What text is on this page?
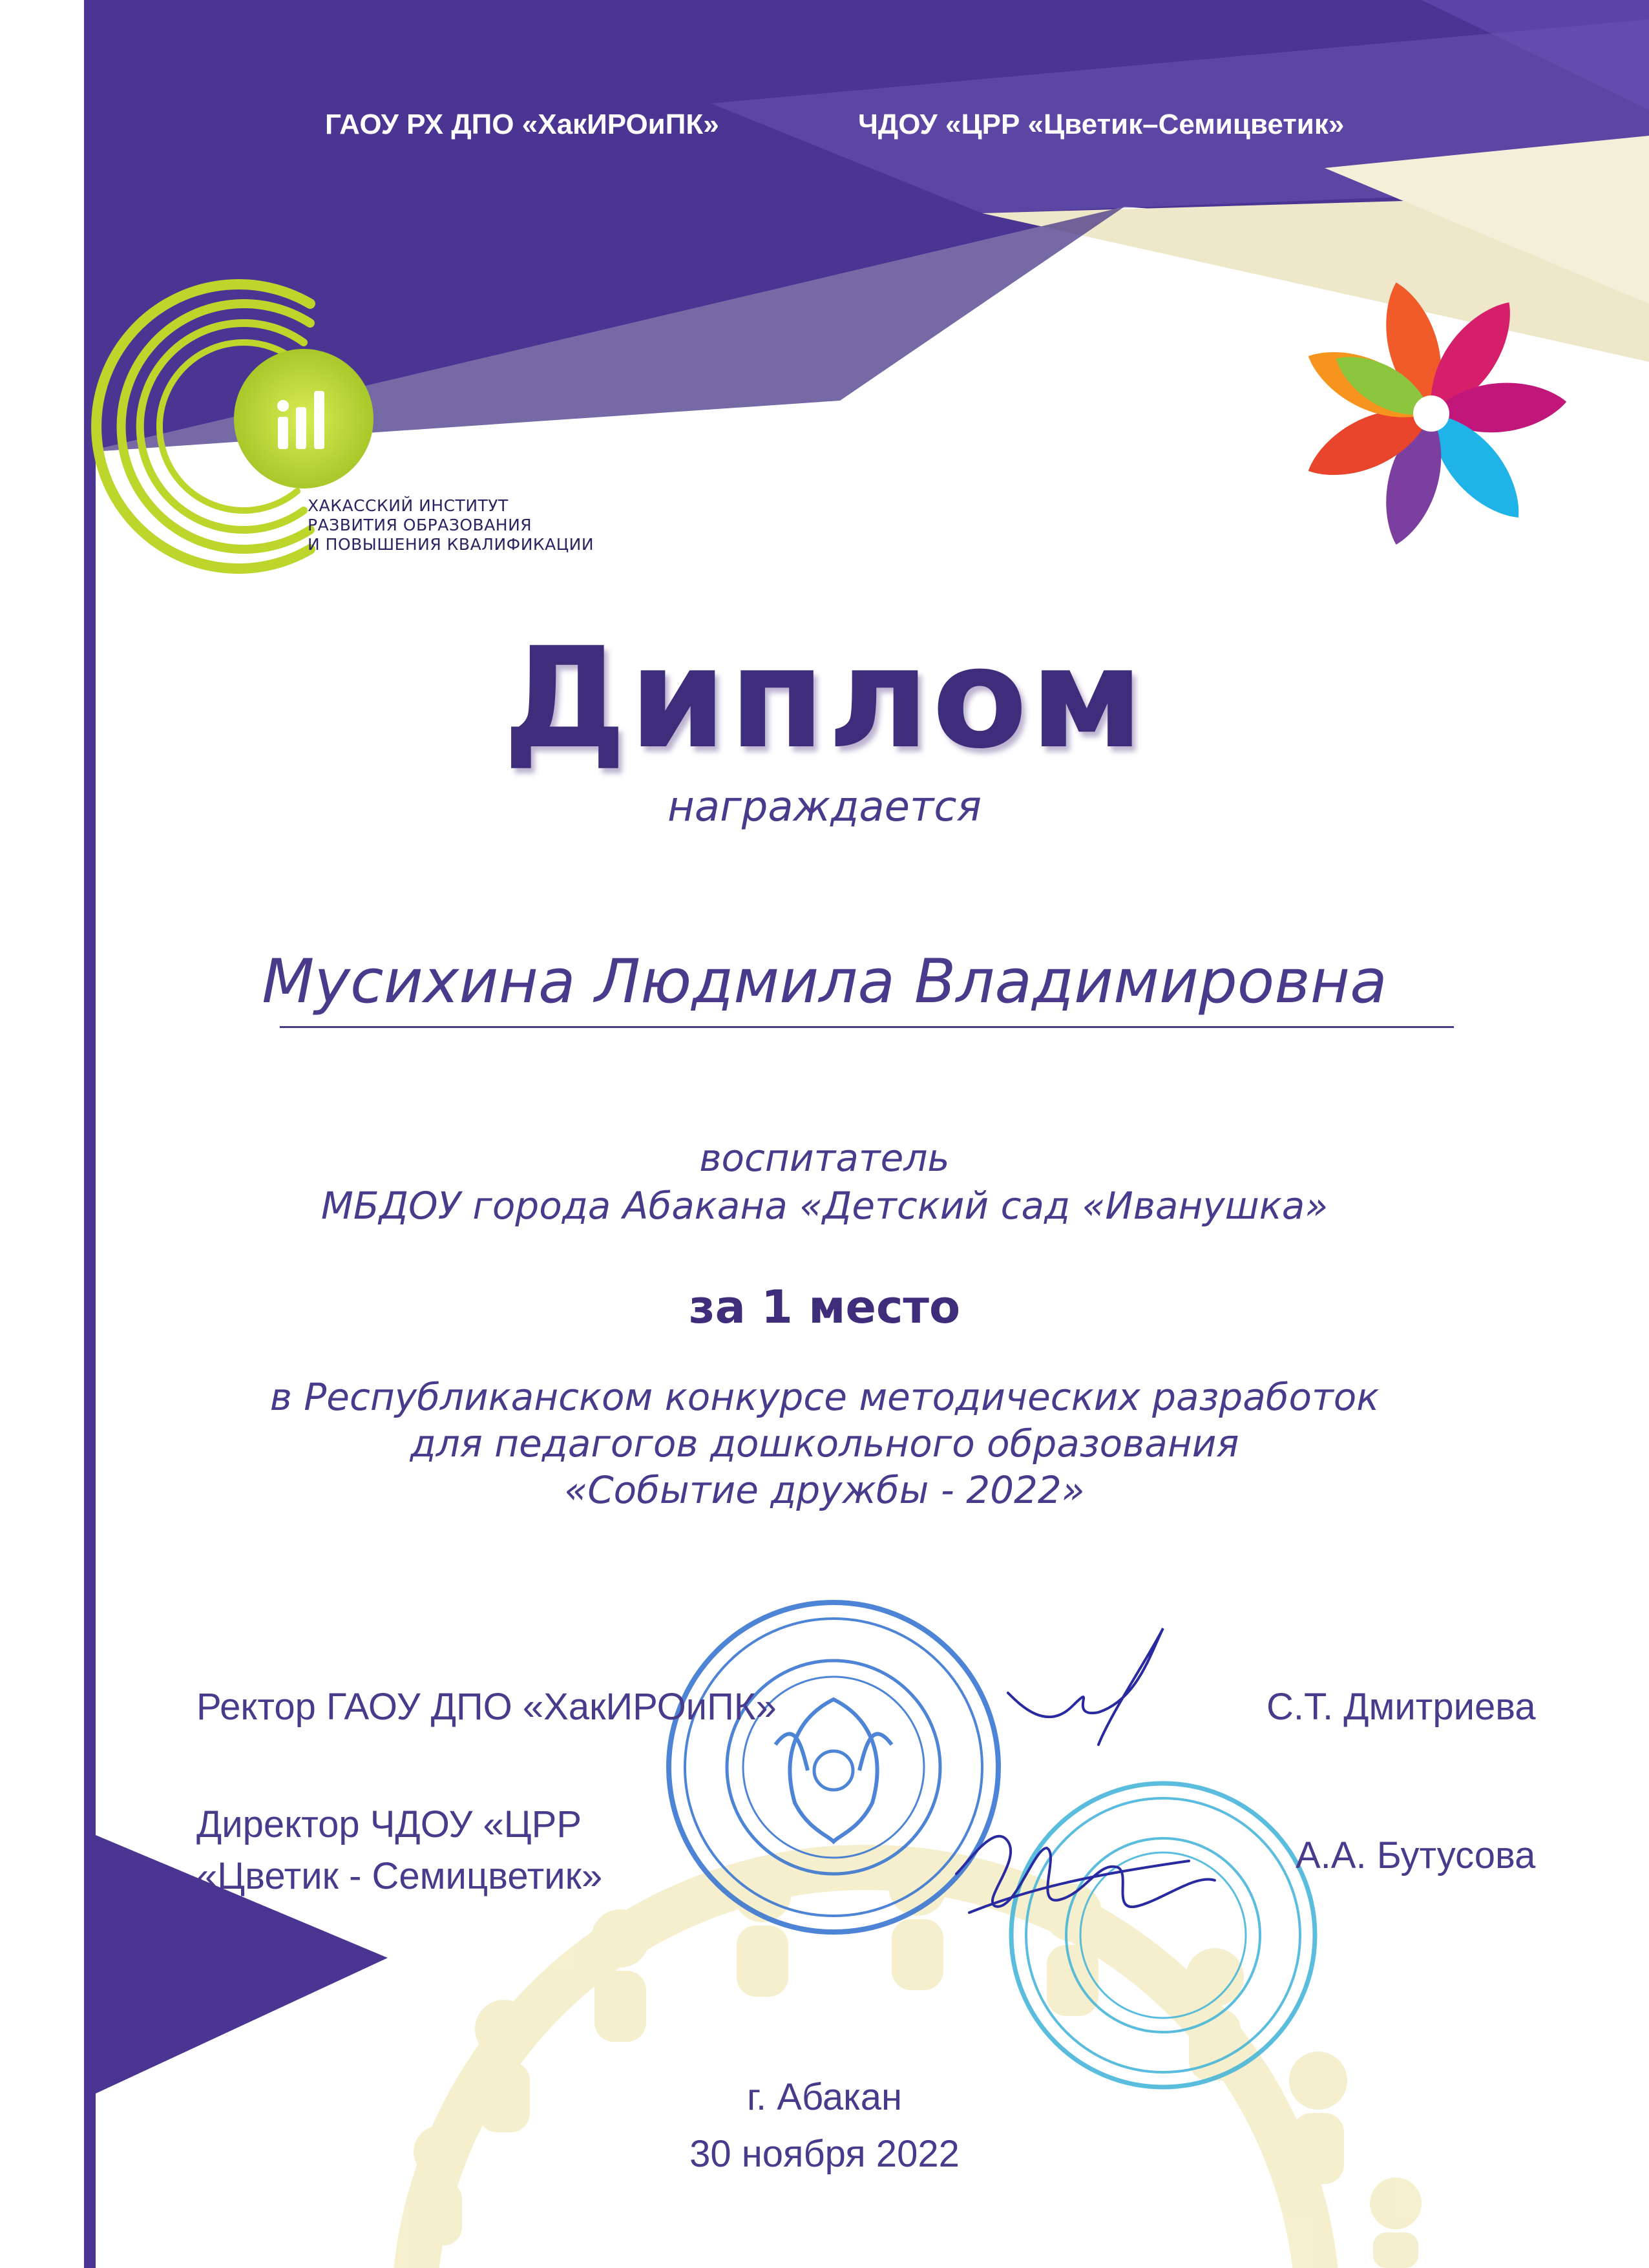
ГАОУ РХ ДПО «ХакИРОиПК»	ЧДОУ «ЦРР «Цветик–Семицветик»
ХАКАССКИЙ ИНСТИТУТ
РАЗВИТИЯ ОБРАЗОВАНИЯ
И ПОВЫШЕНИЯ КВАЛИФИКАЦИИ
Диплом
награждается
Мусихина Людмила Владимировна
воспитатель
МБДОУ города Абакана «Детский сад «Иванушка»
за 1 место
в Республиканском конкурсе методических разработок
для педагогов дошкольного образования
«Событие дружбы - 2022»
Ректор ГАОУ ДПО «ХакИРОиПК»	С.Т. Дмитриева
Директор ЧДОУ «ЦРР
«Цветик - Семицветик»	А.А. Бутусова
г. Абакан
30 ноября 2022
